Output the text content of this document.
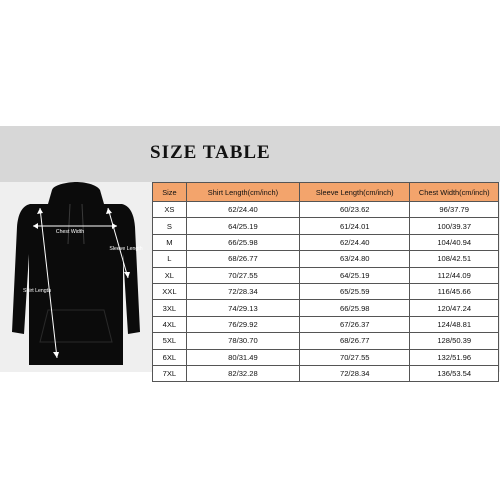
SIZE TABLE
Chest Width
Sleeve Length
Shirt Length
Size	Shirt Length(cm/inch)	Sleeve Length(cm/inch)	Chest Width(cm/inch)
XS	62/24.40	60/23.62	96/37.79
S	64/25.19	61/24.01	100/39.37
M	66/25.98	62/24.40	104/40.94
L	68/26.77	63/24.80	108/42.51
XL	70/27.55	64/25.19	112/44.09
XXL	72/28.34	65/25.59	116/45.66
3XL	74/29.13	66/25.98	120/47.24
4XL	76/29.92	67/26.37	124/48.81
5XL	78/30.70	68/26.77	128/50.39
6XL	80/31.49	70/27.55	132/51.96
7XL	82/32.28	72/28.34	136/53.54
